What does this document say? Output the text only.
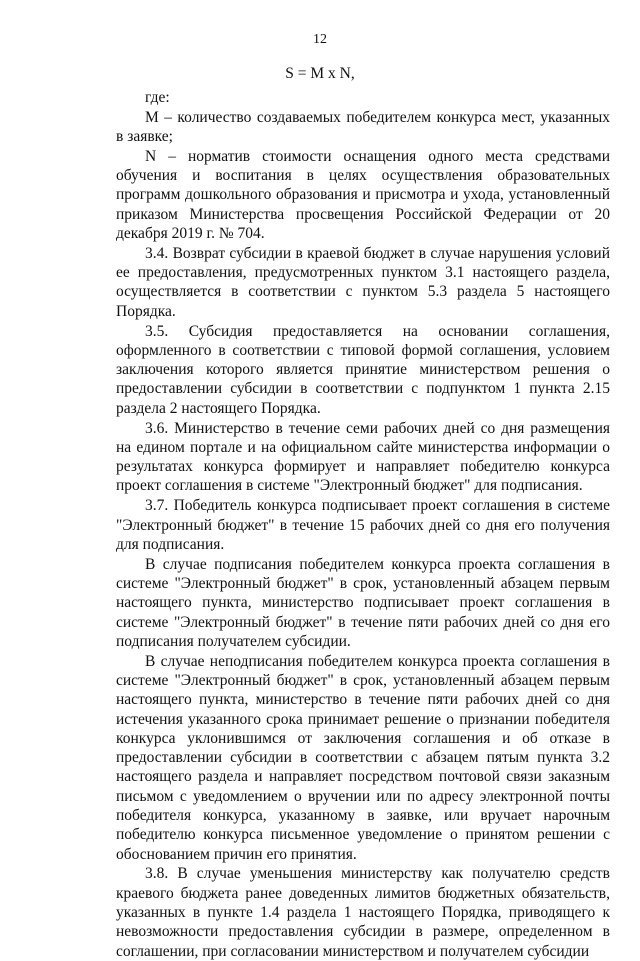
12
S = M x N,

где:

М – количество создаваемых победителем конкурса мест, указанных в заявке;

N – норматив стоимости оснащения одного места средствами обучения и воспитания в целях осуществления образовательных программ дошкольного образования и присмотра и ухода, установленный приказом Министерства просвещения Российской Федерации от 20 декабря 2019 г. № 704.

3.4. Возврат субсидии в краевой бюджет в случае нарушения условий ее предоставления, предусмотренных пунктом 3.1 настоящего раздела, осуществляется в соответствии с пунктом 5.3 раздела 5 настоящего Порядка.

3.5. Субсидия предоставляется на основании соглашения, оформленного в соответствии с типовой формой соглашения, условием заключения которого является принятие министерством решения о предоставлении субсидии в соответствии с подпунктом 1 пункта 2.15 раздела 2 настоящего Порядка.

3.6. Министерство в течение семи рабочих дней со дня размещения на едином портале и на официальном сайте министерства информации о результатах конкурса формирует и направляет победителю конкурса проект соглашения в системе "Электронный бюджет" для подписания.

3.7. Победитель конкурса подписывает проект соглашения в системе "Электронный бюджет" в течение 15 рабочих дней со дня его получения для подписания.

В случае подписания победителем конкурса проекта соглашения в системе "Электронный бюджет" в срок, установленный абзацем первым настоящего пункта, министерство подписывает проект соглашения в системе "Электронный бюджет" в течение пяти рабочих дней со дня его подписания получателем субсидии.

В случае неподписания победителем конкурса проекта соглашения в системе "Электронный бюджет" в срок, установленный абзацем первым настоящего пункта, министерство в течение пяти рабочих дней со дня истечения указанного срока принимает решение о признании победителя конкурса уклонившимся от заключения соглашения и об отказе в предоставлении субсидии в соответствии с абзацем пятым пункта 3.2 настоящего раздела и направляет посредством почтовой связи заказным письмом с уведомлением о вручении или по адресу электронной почты победителя конкурса, указанному в заявке, или вручает нарочным победителю конкурса письменное уведомление о принятом решении с обоснованием причин его принятия.

3.8. В случае уменьшения министерству как получателю средств краевого бюджета ранее доведенных лимитов бюджетных обязательств, указанных в пункте 1.4 раздела 1 настоящего Порядка, приводящего к невозможности предоставления субсидии в размере, определенном в соглашении, при согласовании министерством и получателем субсидии
